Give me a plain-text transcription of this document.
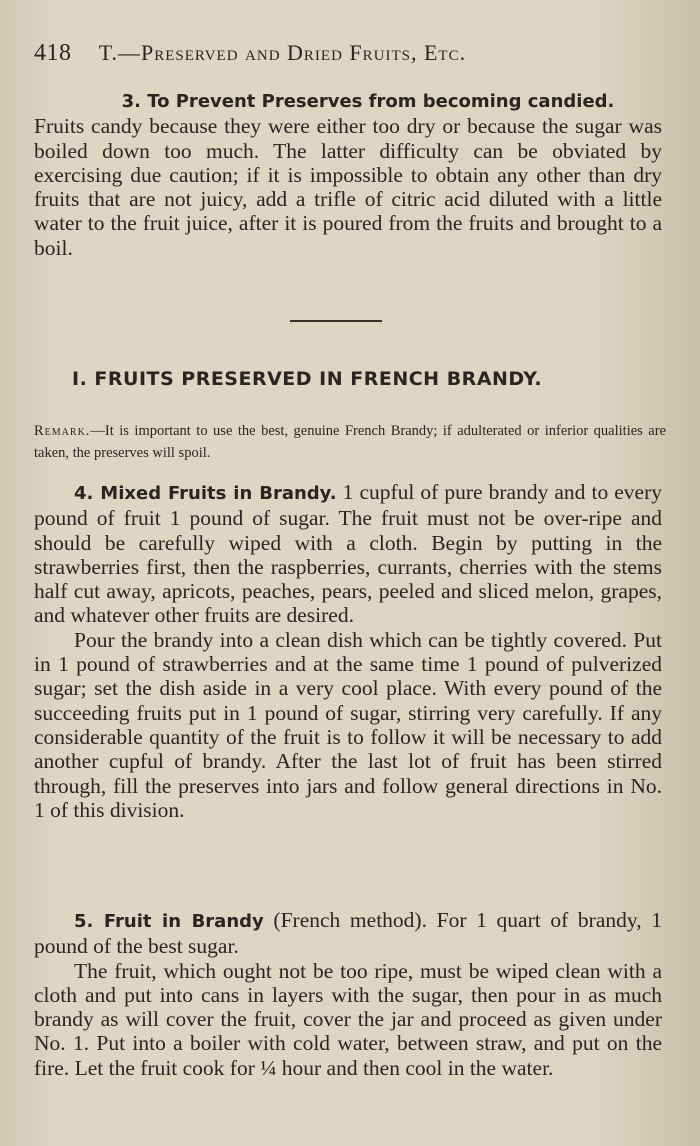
418 T.—Preserved and Dried Fruits, Etc.

3. To Prevent Preserves from becoming candied.

Fruits candy because they were either too dry or because the sugar was boiled down too much. The latter difficulty can be obviated by exercising due caution; if it is impossible to obtain any other than dry fruits that are not juicy, add a trifle of citric acid diluted with a little water to the fruit juice, after it is poured from the fruits and brought to a boil.

I. FRUITS PRESERVED IN FRENCH BRANDY.
Remark.—It is important to use the best, genuine French Brandy; if adulterated or inferior qualities are taken, the preserves will spoil.

4. Mixed Fruits in Brandy. 1 cupful of pure brandy and to every pound of fruit 1 pound of sugar. The fruit must not be over-ripe and should be carefully wiped with a cloth. Begin by putting in the strawberries first, then the raspberries, currants, cherries with the stems half cut away, apricots, peaches, pears, peeled and sliced melon, grapes, and whatever other fruits are desired.

Pour the brandy into a clean dish which can be tightly covered. Put in 1 pound of strawberries and at the same time 1 pound of pulverized sugar; set the dish aside in a very cool place. With every pound of the succeeding fruits put in 1 pound of sugar, stirring very carefully. If any considerable quantity of the fruit is to follow it will be necessary to add another cupful of brandy. After the last lot of fruit has been stirred through, fill the preserves into jars and follow general directions in No. 1 of this division.

5. Fruit in Brandy (French method). For 1 quart of brandy, 1 pound of the best sugar.

The fruit, which ought not be too ripe, must be wiped clean with a cloth and put into cans in layers with the sugar, then pour in as much brandy as will cover the fruit, cover the jar and proceed as given under No. 1. Put into a boiler with cold water, between straw, and put on the fire. Let the fruit cook for ¼ hour and then cool in the water.
